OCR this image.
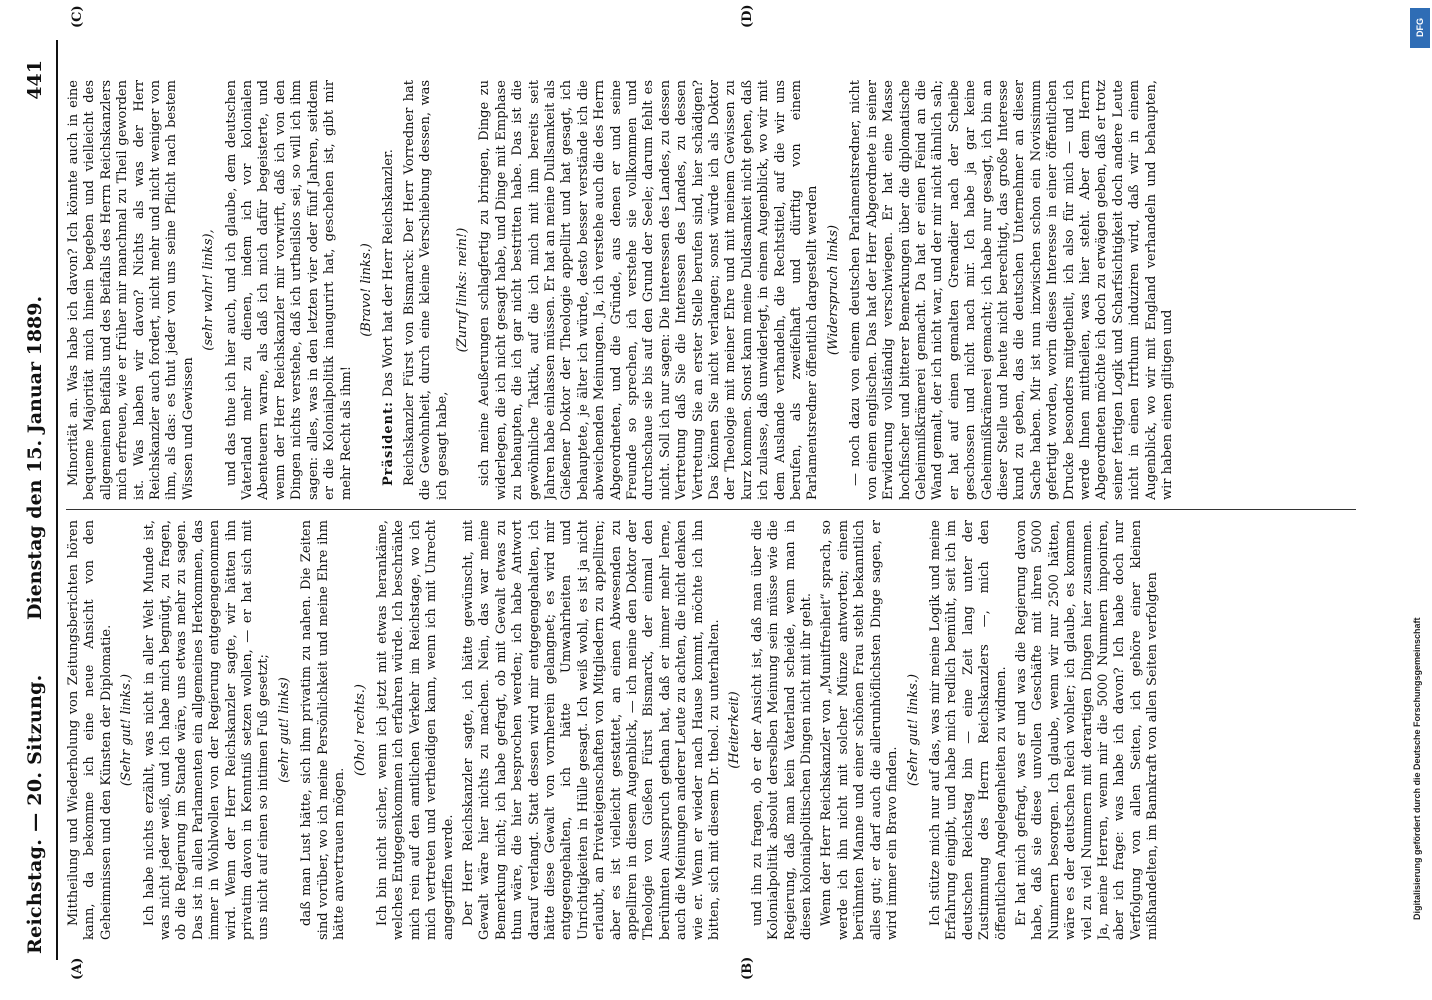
Reichstag. — 20. Sitzung.
Dienstag den 15. Januar 1889.
441
(A)	(B)
(C)	(D)

Mittheilung und Wiederholung von Zeitungsberichten hören kann, da bekomme ich eine neue Ansicht von den Geheimnissen und den Künsten der Diplomatie. (Sehr gut! links.) Ich habe nichts erzählt, was nicht in aller Welt Munde ist, was nicht jeder weiß, und ich habe mich begnügt, zu fragen, ob die Regierung im Stande wäre, uns etwas mehr zu sagen. Das ist in allen Parlamenten ein allgemeines Herkommen, das immer in Wohlwollen von der Regierung entgegengenommen wird. Wenn der Herr Reichskanzler sagte, wir hätten ihn privatim davon in Kenntniß setzen wollen, — er hat sich mit uns nicht auf einen so intimen Fuß gesetzt; (sehr gut! links) daß man Lust hätte, sich ihm privatim zu nahen. Die Zeiten sind vorüber, wo ich meine Persönlichkeit und meine Ehre ihm hätte anvertrauen mögen.

(Oho! rechts.) Ich bin nicht sicher, wenn ich jetzt mit etwas herankäme, welches Entgegenkommen ich erfahren würde. Ich beschränke mich rein auf den amtlichen Verkehr im Reichstage, wo ich mich vertreten und vertheidigen kann, wenn ich mit Unrecht angegriffen werde. Der Herr Reichskanzler sagte, ich hätte gewünscht, mit Gewalt wäre hier nichts zu machen. Nein, das war meine Bemerkung nicht; ich habe gefragt, ob mit Gewalt etwas zu thun wäre, die hier besprochen werden; ich habe Antwort darauf verlangt. Statt dessen wird mir entgegengehalten, ich hätte diese Gewalt von vornherein gelangnet; es wird mir entgegengehalten, ich hätte Umwahrheiten und Unrichtigkeiten in Hülle gesagt. Ich weiß wohl, es ist ja nicht erlaubt, an Privateigenschaften von Mitgliedern zu appelliren; aber es ist vielleicht gestattet, an einen Abwesenden zu appelliren in diesem Augenblick, — ich meine den Doktor der Theologie von Gießen Fürst Bismarck, der einmal den berühmten Ausspruch gethan hat, daß er immer mehr lerne, auch die Meinungen anderer Leute zu achten, die nicht denken wie er. Wenn er wieder nach Hause kommt, möchte ich ihn bitten, sich mit diesem Dr. theol. zu unterhalten. (Heiterkeit) und ihn zu fragen, ob er der Ansicht ist, daß man über die Kolonialpolitik absolut derselben Meinung sein müsse wie die Regierung, daß man kein Vaterland scheide, wenn man in diesen kolonialpolitischen Dingen nicht mit ihr geht. Wenn der Herr Reichskanzler von „Munitfreiheit“ sprach, so werde ich ihn nicht mit solcher Münze antworten; einem berühmten Manne und einer schönen Frau steht bekanntlich alles gut; er darf auch die allerunhöflichsten Dinge sagen, er wird immer ein Bravo finden.

(Sehr gut! links.) Ich stütze mich nur auf das, was mir meine Logik und meine Erfahrung eingibt, und habe mich redlich bemüht, seit ich im deutschen Reichstag bin — eine Zeit lang unter der Zustimmung des Herrn Reichskanzlers —, mich den öffentlichen Angelegenheiten zu widmen. Er hat mich gefragt, was er und was die Regierung davon habe, daß sie diese unvollen Geschäfte mit ihren 5000 Nummern besorgen. Ich glaube, wenn wir nur 2500 hätten, wäre es der deutschen Reich wohler; ich glaube, es kommen viel zu viel Nummern mit derartigen Dingen hier zusammen. Ja, meine Herren, wenn mir die 5000 Nummern imponiren, aber ich frage: was habe ich davon? Ich habe doch nur Verfolgung von allen Seiten, ich gehöre einer kleinen mißhandelten, im Bannkraft von allen Seiten verfolgten

Minorität an. Was habe ich davon? Ich könnte auch in eine bequeme Majorität mich hinein begeben und vielleicht des allgemeinen Beifalls und des Beifalls des Herrn Reichskanzlers mich erfreuen, wie er früher mir manchmal zu Theil geworden ist. Was haben wir davon? Nichts als was der Herr Reichskanzler auch fordert, nicht mehr und nicht weniger von ihm, als das: es thut jeder von uns seine Pflicht nach bestem Wissen und Gewissen

(sehr wahr! links), und das thue ich hier auch, und ich glaube, dem deutschen Vaterland mehr zu dienen, indem ich vor kolonialen Abenteuern warne, als daß ich mich dafür begeisterte, und wenn der Herr Reichskanzler mir vorwirft, daß ich von den Dingen nichts verstehe, daß ich urtheilslos sei, so will ich ihm sagen: alles, was in den letzten vier oder fünf Jahren, seitdem er die Kolonialpolitik inaugurirt hat, geschehen ist, gibt mir mehr Recht als ihm!

(Bravo! links.)

Präsident: Das Wort hat der Herr Reichskanzler. Reichskanzler Fürst von Bismarck: Der Herr Vorredner hat die Gewohnheit, durch eine kleine Verschiebung dessen, was ich gesagt habe,

(Zuruf links: nein!) sich meine Aeußerungen schlagfertig zu bringen, Dinge zu widerlegen, die ich nicht gesagt habe, und Dinge mit Emphase zu behaupten, die ich gar nicht bestritten habe. Das ist die gewöhnliche Taktik, auf die ich mich mit ihm bereits seit Jahren habe einlassen müssen. Er hat an meine Dullsamkeit als Gießener Doktor der Theologie appellirt und hat gesagt, ich behauptete, je älter ich würde, desto besser verstände ich die abweichenden Meinungen. Ja, ich verstehe auch die des Herrn Abgeordneten, und die Gründe, aus denen er und seine Freunde so sprechen, ich verstehe sie vollkommen und durchschaue sie bis auf den Grund der Seele; darum fehlt es nicht. Soll ich nur sagen: Die Interessen des Landes, zu dessen Vertretung daß Sie die Interessen des Landes, zu dessen Vertretung Sie an erster Stelle berufen sind, hier schädigen? Das können Sie nicht verlangen; sonst würde ich als Doktor der Theologie mit meiner Ehre und mit meinem Gewissen zu kurz kommen. Sonst kann meine Duldsamkeit nicht gehen, daß ich zulasse, daß unwiderlegt, in einem Augenblick, wo wir mit dem Auslande verhandeln, die Rechtstitel, auf die wir uns berufen, als zweifelhaft und dürftig von einem Parlamentsredner öffentlich dargestellt werden (Widerspruch links) — noch dazu von einem deutschen Parlamentsredner, nicht von einem englischen. Das hat der Herr Abgeordnete in seiner Erwiderung vollständig verschwiegen. Er hat eine Masse hochfischer und bitterer Bemerkungen über die diplomatische Geheimnißkrämerei gemacht. Da hat er einen Feind an die Wand gemalt, der ich nicht war, und der mir nicht ähnlich sah; er hat auf einen gemalten Grenadier nach der Scheibe geschossen und nicht nach mir. Ich habe ja gar keine Geheimnißkrämerei gemacht; ich habe nur gesagt, ich bin an dieser Stelle und heute nicht berechtigt, das große Interesse kund zu geben, das die deutschen Unternehmer an dieser Sache haben. Mir ist nun inzwischen schon ein Novissimum gefertigt worden, worin dieses Interesse in einer öffentlichen Drucke besonders mitgetheilt, ich also für mich — und ich werde Ihnen mittheilen, was hier steht. Aber dem Herrn Abgeordneten möchte ich doch zu erwägen geben, daß er trotz seiner fertigen Logik und Scharfsichtigkeit doch andere Leute nicht in einen Irrthum induziren wird, daß wir in einem Augenblick, wo wir mit England verhandeln und behaupten, wir haben einen giltigen und

DFG
Digitalisierung gefördert durch die Deutsche Forschungsgemeinschaft
